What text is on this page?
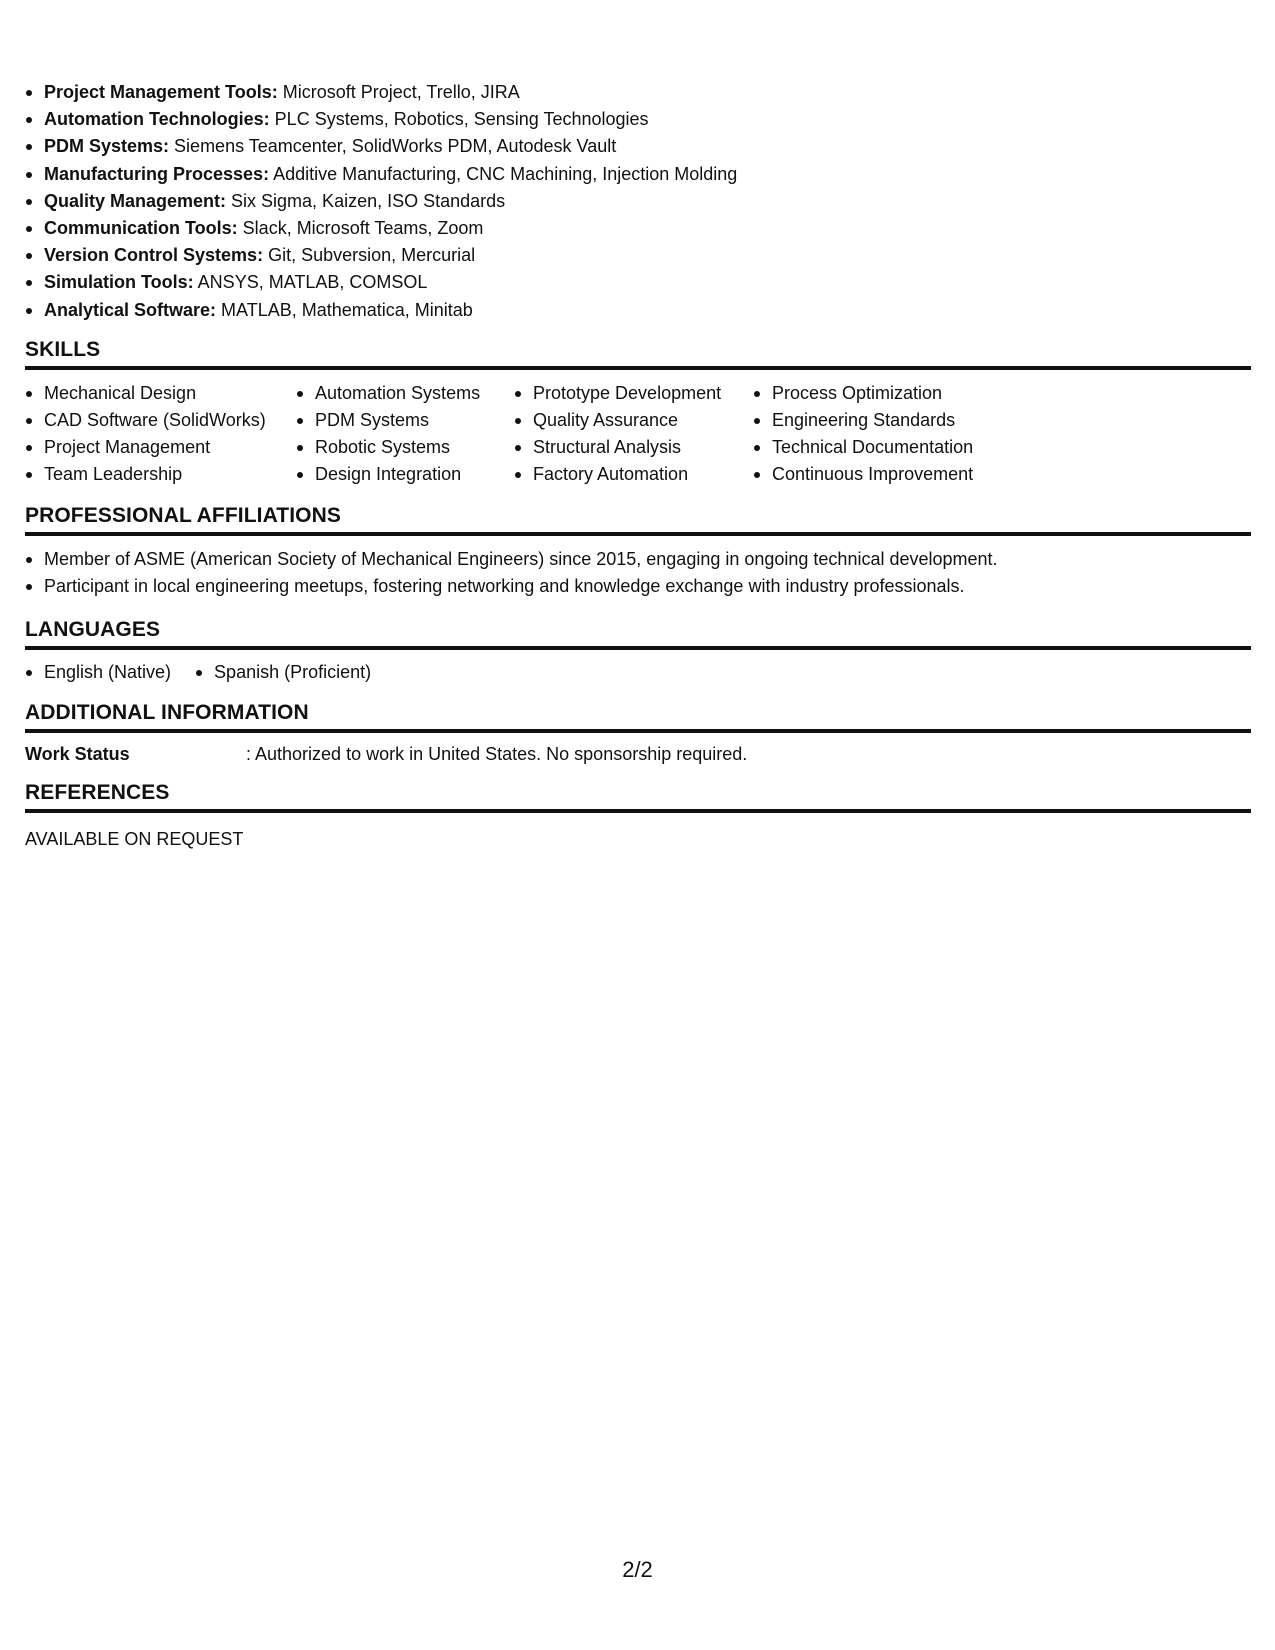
Project Management Tools: Microsoft Project, Trello, JIRA
Automation Technologies: PLC Systems, Robotics, Sensing Technologies
PDM Systems: Siemens Teamcenter, SolidWorks PDM, Autodesk Vault
Manufacturing Processes: Additive Manufacturing, CNC Machining, Injection Molding
Quality Management: Six Sigma, Kaizen, ISO Standards
Communication Tools: Slack, Microsoft Teams, Zoom
Version Control Systems: Git, Subversion, Mercurial
Simulation Tools: ANSYS, MATLAB, COMSOL
Analytical Software: MATLAB, Mathematica, Minitab
SKILLS
Mechanical Design
CAD Software (SolidWorks)
Project Management
Team Leadership
Automation Systems
PDM Systems
Robotic Systems
Design Integration
Prototype Development
Quality Assurance
Structural Analysis
Factory Automation
Process Optimization
Engineering Standards
Technical Documentation
Continuous Improvement
PROFESSIONAL AFFILIATIONS
Member of ASME (American Society of Mechanical Engineers) since 2015, engaging in ongoing technical development.
Participant in local engineering meetups, fostering networking and knowledge exchange with industry professionals.
LANGUAGES
English (Native)	Spanish (Proficient)
ADDITIONAL INFORMATION
Work Status	: Authorized to work in United States. No sponsorship required.
REFERENCES
AVAILABLE ON REQUEST
2/2
